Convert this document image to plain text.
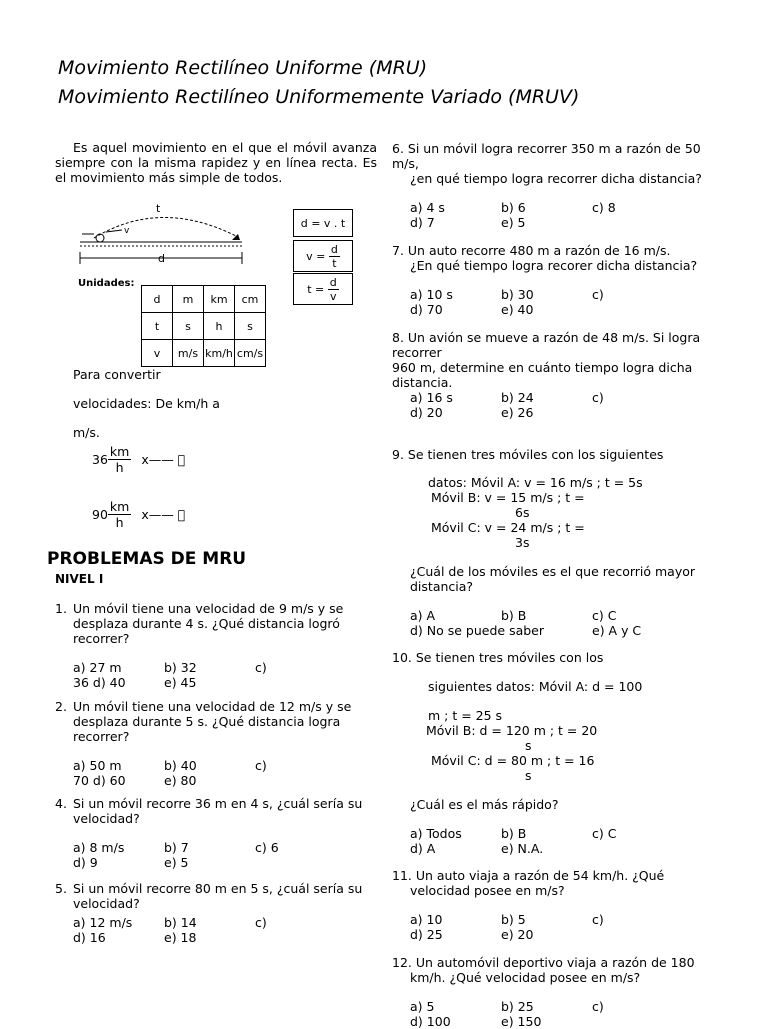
Movimiento Rectilíneo Uniforme (MRU)
Movimiento Rectilíneo Uniformemente Variado (MRUV)
Es aquel movimiento en el que el móvil avanza siempre con la misma rapidez y en línea recta. Es el movimiento más simple de todos.
t
v
d
d = v . t
v =
$\frac{d}{t}$
t =
$\frac{d}{v}$
Unidades:
d	m	km	cm
t	s	h	s
v	m/s	km/h	cm/s
Para convertir
velocidades: De km/h a
m/s.
$36 \frac{km}{h}$ x—— ⃞
$90 \frac{km}{h}$ x—— ⃞
PROBLEMAS DE MRU
NIVEL I
1. Un móvil tiene una velocidad de 9 m/s y se desplaza durante 4 s. ¿Qué distancia logró recorrer?
a) 27 m	b) 32	c)
36 d) 40	e) 45
2. Un móvil tiene una velocidad de 12 m/s y se desplaza durante 5 s. ¿Qué distancia logra recorrer?
a) 50 m	b) 40	c)
70 d) 60	e) 80
4. Si un móvil recorre 36 m en 4 s, ¿cuál sería su velocidad?
a) 8 m/s	b) 7	c) 6
d) 9	e) 5
5. Si un móvil recorre 80 m en 5 s, ¿cuál sería su velocidad?
a) 12 m/s	b) 14	c)
d) 16	e) 18
6. Si un móvil logra recorrer 350 m a razón de 50 m/s,
¿en qué tiempo logra recorrer dicha distancia?
a) 4 s	b) 6	c) 8
d) 7	e) 5
7. Un auto recorre 480 m a razón de 16 m/s.
¿En qué tiempo logra recorer dicha distancia?
a) 10 s	b) 30	c)
d) 70	e) 40
8. Un avión se mueve a razón de 48 m/s. Si logra recorrer
960 m, determine en cuánto tiempo logra dicha distancia.
a) 16 s	b) 24	c)
d) 20	e) 26
9. Se tienen tres móviles con los siguientes
datos: Móvil A: v = 16 m/s ; t = 5s
Móvil B: v = 15 m/s ; t =
6s
Móvil C: v = 24 m/s ; t =
3s
¿Cuál de los móviles es el que recorrió mayor distancia?
a) A	b) B	c) C
d) No se puede saber	e) A y C
10. Se tienen tres móviles con los
siguientes datos: Móvil A: d = 100
m ; t = 25 s
Móvil B: d = 120 m ; t = 20
s
Móvil C: d = 80 m ; t = 16
s
¿Cuál es el más rápido?
a) Todos	b) B	c) C
d) A	e) N.A.
11. Un auto viaja a razón de 54 km/h. ¿Qué
velocidad posee en m/s?
a) 10	b) 5	c)
d) 25	e) 20
12. Un automóvil deportivo viaja a razón de 180
km/h. ¿Qué velocidad posee en m/s?
a) 5	b) 25	c)
d) 100	e) 150
